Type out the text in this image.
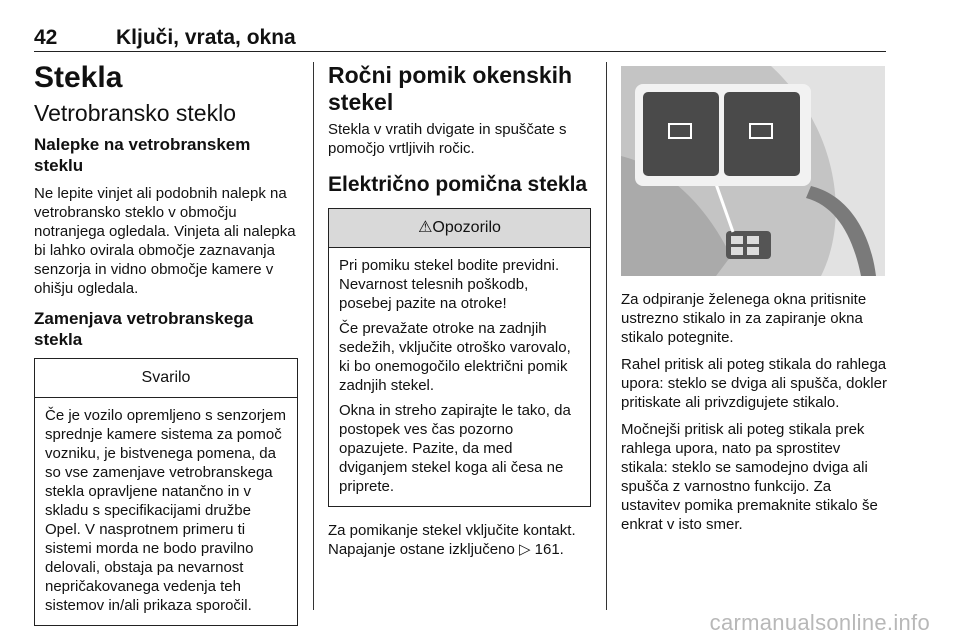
42	Ključi, vrata, okna
Stekla
Vetrobransko steklo
Nalepke na vetrobranskem steklu

Ne lepite vinjet ali podobnih nalepk na vetrobransko steklo v območju notranjega ogledala. Vinjeta ali nalepka bi lahko ovirala območje zaznavanja senzorja in vidno območje kamere v ohišju ogledala.

Zamenjava vetrobranskega stekla
Svarilo

Če je vozilo opremljeno s senzorjem sprednje kamere sistema za pomoč vozniku, je bistvenega pomena, da so vse zamenjave vetrobranskega stekla opravljene natančno in v skladu s specifikacijami družbe Opel. V nasprotnem primeru ti sistemi morda ne bodo pravilno delovali, obstaja pa nevarnost nepričakovanega vedenja teh sistemov in/ali prikaza sporočil.

Ročni pomik okenskih stekel

Stekla v vratih dvigate in spuščate s pomočjo vrtljivih ročic.

Električno pomična stekla
⚠Opozorilo

Pri pomiku stekel bodite previdni. Nevarnost telesnih poškodb, posebej pazite na otroke!

Če prevažate otroke na zadnjih sedežih, vključite otroško varovalo, ki bo onemogočilo električni pomik zadnjih stekel.

Okna in streho zapirajte le tako, da postopek ves čas pozorno opazujete. Pazite, da med dviganjem stekel koga ali česa ne priprete.

Za pomikanje stekel vključite kontakt. Napajanje ostane izključeno ▷ 161.

Za odpiranje želenega okna pritisnite ustrezno stikalo in za zapiranje okna stikalo potegnite.

Rahel pritisk ali poteg stikala do rahlega upora: steklo se dviga ali spušča, dokler pritiskate ali privzdigujete stikalo.

Močnejši pritisk ali poteg stikala prek rahlega upora, nato pa sprostitev stikala: steklo se samodejno dviga ali spušča z varnostno funkcijo. Za ustavitev pomika premaknite stikalo še enkrat v isto smer.

carmanualsonline.info
